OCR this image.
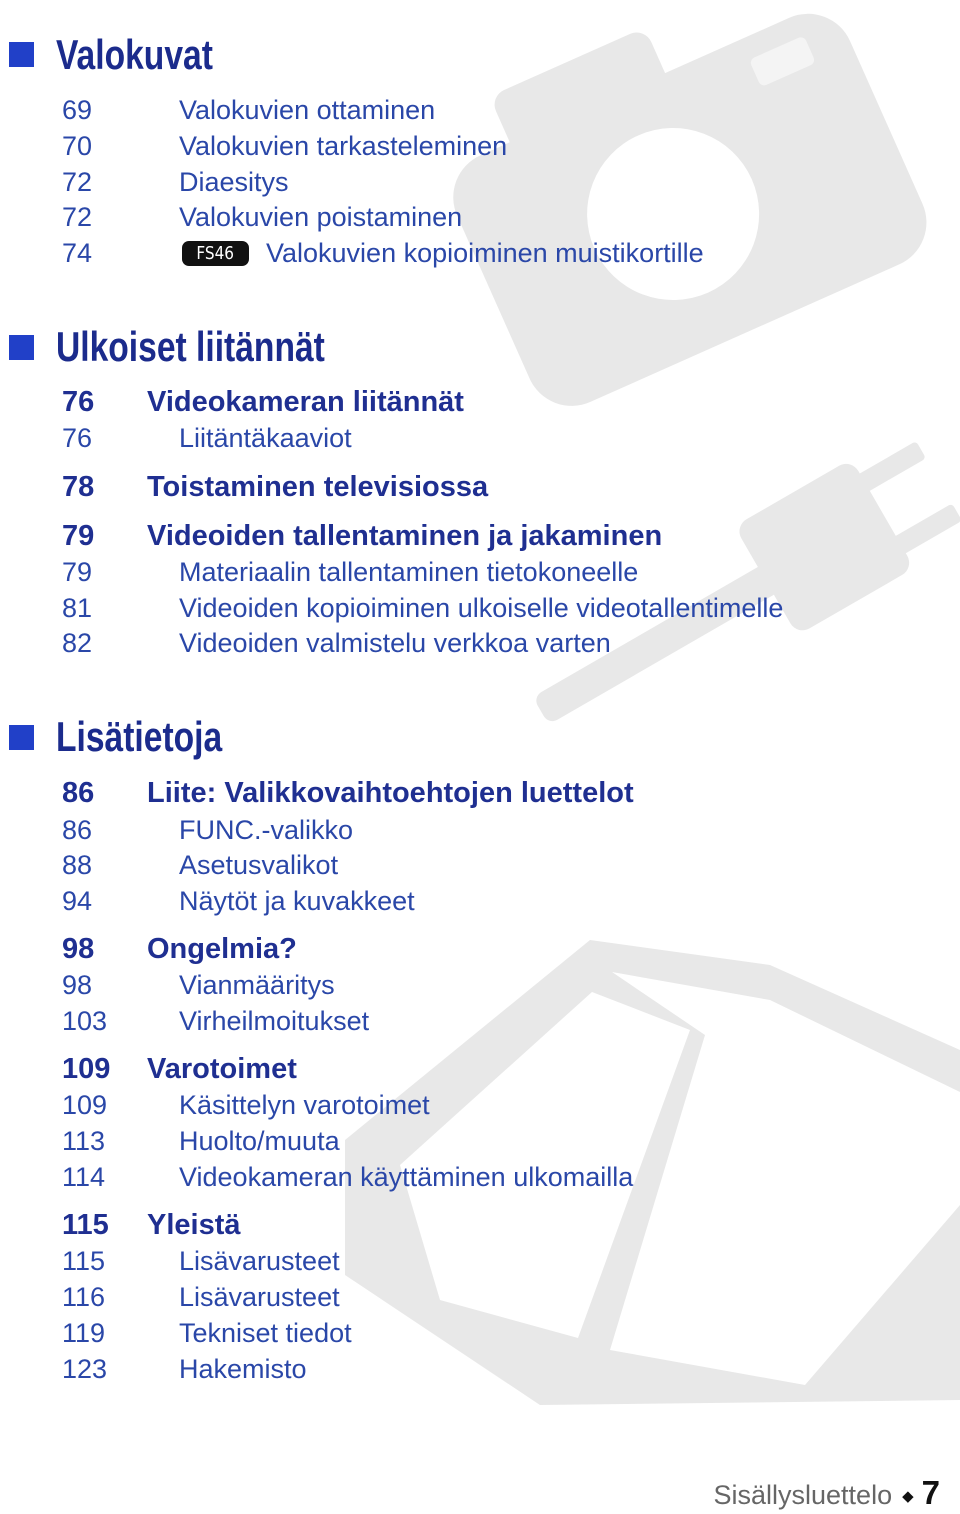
Valokuvat
69	Valokuvien ottaminen
70	Valokuvien tarkasteleminen
72	Diaesitys
72	Valokuvien poistaminen
74	FS46	Valokuvien kopioiminen muistikortille
Ulkoiset liitännät
76 Videokameran liitännät
76	Liitäntäkaaviot
78 Toistaminen televisiossa
79 Videoiden tallentaminen ja jakaminen
79	Materiaalin tallentaminen tietokoneelle
81	Videoiden kopioiminen ulkoiselle videotallentimelle
82	Videoiden valmistelu verkkoa varten
Lisätietoja
86 Liite: Valikkovaihtoehtojen luettelot
86	FUNC.-valikko
88	Asetusvalikot
94	Näytöt ja kuvakkeet
98 Ongelmia?
98	Vianmääritys
103	Virheilmoitukset
109 Varotoimet
109	Käsittelyn varotoimet
113	Huolto/muuta
114	Videokameran käyttäminen ulkomailla
115 Yleistä
115	Lisävarusteet
116	Lisävarusteet
119	Tekniset tiedot
123	Hakemisto
Sisällysluettelo ◆ 7
